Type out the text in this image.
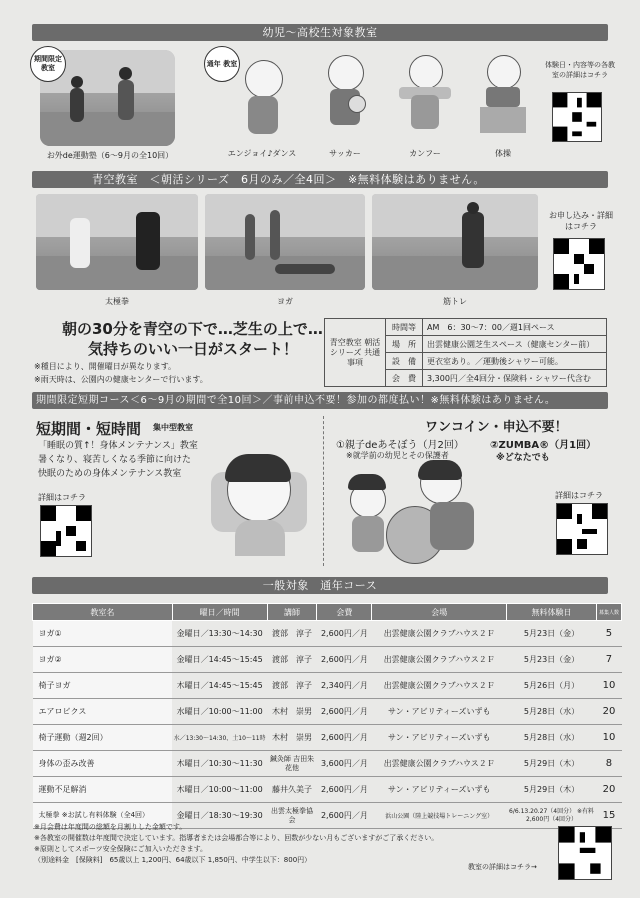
幼児～高校生対象教室
期間限定 教室
お外de運動塾（6～9月の全10回）
通年 教室
エンジョイ♪ダンス	サッカー	カンフー	体操
体験日・内容等の各教室の詳細はコチラ
青空教室　＜朝活シリーズ　6月のみ／全4回＞　※無料体験はありません。
太極拳	ヨガ	筋トレ
お申し込み・詳細はコチラ
朝の30分を青空の下で…芝生の上で…
気持ちのいい一日がスタート！
※種目により、開催曜日が異なります。
※雨天時は、公園内の健康センターで行います。
青空教室 朝活シリーズ 共通事項	時間等	AM　6：30～7：00／週1回ペース
	場　所	出雲健康公園芝生スペース（健康センター前）
	設　備	更衣室あり。／運動後シャワー可能。
	会　費	3,300円／全4回分・保険料・シャワー代含む
期間限定短期コース＜6～9月の期間で全10回＞／事前申込不要！参加の都度払い！※無料体験はありません。
短期間・短時間 集中型教室
「睡眠の質↑！身体メンテナンス」教室
暑くなり、寝苦しくなる季節に向けた
快眠のための身体メンテナンス教室
詳細はコチラ
ワンコイン・申込不要！
①親子deあそぼう（月2回）
※就学前の幼児とその保護者
②ZUMBA®（月1回）
※どなたでも
詳細はコチラ
一般対象　通年コース
教室名	曜日／時間	講師	会費	会場	無料体験日	募集人数
ヨガ①	金曜日／13:30～14:30	渡部　淳子	2,600円／月	出雲健康公園クラブハウス２Ｆ	5月23日（金）	5
ヨガ②	金曜日／14:45～15:45	渡部　淳子	2,600円／月	出雲健康公園クラブハウス２Ｆ	5月23日（金）	7
椅子ヨガ	木曜日／14:45～15:45	渡部　淳子	2,340円／月	出雲健康公園クラブハウス２Ｆ	5月26日（月）	10
エアロビクス	水曜日／10:00～11:00	木村　崇男	2,600円／月	サン・アビリティーズいずも	5月28日（水）	20
椅子運動（週2回）	水／13:30～14:30、土10～11時	木村　崇男	2,600円／月	サン・アビリティーズいずも	5月28日（水）	10
身体の歪み改善	木曜日／10:30～11:30	鍼灸師 吉田朱花他	3,600円／月	出雲健康公園クラブハウス２Ｆ	5月29日（木）	8
運動不足解消	木曜日／10:00～11:00	藤井久美子	2,600円／月	サン・アビリティーズいずも	5月29日（木）	20
太極拳 ※お試し有料体験（全4回）	金曜日／18:30～19:30	出雲太極拳協会	2,600円／月	浜山公園（陸上競技場トレーニング室）	6/6.13.20.27（4回分） ※有料2,600円（4回分）	15
※月会費は年度間の総額を月割りした金額です。
※各教室の開催数は年度間で決定しています。指導者または会場都合等により、回数が少ない月もございますがご了承ください。
※原則としてスポーツ安全保険にご加入いただきます。
（別途料金　[保険料]　65歳以上 1,200円、64歳以下 1,850円、中学生以下：800円）
教室の詳細はコチラ→
